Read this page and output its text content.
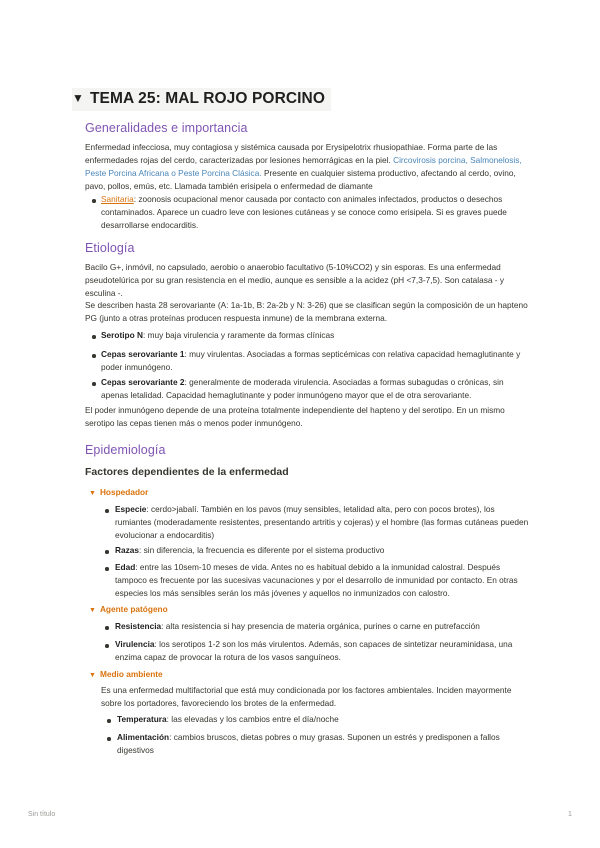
▼ TEMA 25: MAL ROJO PORCINO
Generalidades e importancia

Enfermedad infecciosa, muy contagiosa y sistémica causada por Erysipelotrix rhusiopathiae. Forma parte de las enfermedades rojas del cerdo, caracterizadas por lesiones hemorrágicas en la piel. Circovirosis porcina, Salmonelosis, Peste Porcina Africana o Peste Porcina Clásica. Presente en cualquier sistema productivo, afectando al cerdo, ovino, pavo, pollos, emús, etc. Llamada también erisipela o enfermedad de diamante

Sanitaria: zoonosis ocupacional menor causada por contacto con animales infectados, productos o desechos contaminados. Aparece un cuadro leve con lesiones cutáneas y se conoce como erisipela. Si es graves puede desarrollarse endocarditis.

Etiología

Bacilo G+, inmóvil, no capsulado, aerobio o anaerobio facultativo (5-10%CO2) y sin esporas. Es una enfermedad pseudotelúrica por su gran resistencia en el medio, aunque es sensible a la acidez (pH <7,3-7,5). Son catalasa - y esculina -.

Se describen hasta 28 serovariante (A: 1a-1b, B: 2a-2b y N: 3-26) que se clasifican según la composición de un hapteno PG (junto a otras proteínas producen respuesta inmune) de la membrana externa.

Serotipo N: muy baja virulencia y raramente da formas clínicas

Cepas serovariante 1: muy virulentas. Asociadas a formas septicémicas con relativa capacidad hemaglutinante y poder inmunógeno.

Cepas serovariante 2: generalmente de moderada virulencia. Asociadas a formas subagudas o crónicas, sin apenas letalidad. Capacidad hemaglutinante y poder inmunógeno mayor que el de otra serovariante.

El poder inmunógeno depende de una proteína totalmente independiente del hapteno y del serotipo. En un mismo serotipo las cepas tienen más o menos poder inmunógeno.

Epidemiología
Factores dependientes de la enfermedad

▼ Hospedador

Especie: cerdo>jabalí. También en los pavos (muy sensibles, letalidad alta, pero con pocos brotes), los rumiantes (moderadamente resistentes, presentando artritis y cojeras) y el hombre (las formas cutáneas pueden evolucionar a endocarditis)

Razas: sin diferencia, la frecuencia es diferente por el sistema productivo

Edad: entre las 10sem-10 meses de vida. Antes no es habitual debido a la inmunidad calostral. Después tampoco es frecuente por las sucesivas vacunaciones y por el desarrollo de inmunidad por contacto. En otras especies los más sensibles serán los más jóvenes y aquellos no inmunizados con calostro.

▼ Agente patógeno

Resistencia: alta resistencia si hay presencia de materia orgánica, purines o carne en putrefacción

Virulencia: los serotipos 1-2 son los más virulentos. Además, son capaces de sintetizar neuraminidasa, una enzima capaz de provocar la rotura de los vasos sanguíneos.

▼ Medio ambiente

Es una enfermedad multifactorial que está muy condicionada por los factores ambientales. Inciden mayormente sobre los portadores, favoreciendo los brotes de la enfermedad.

Temperatura: las elevadas y los cambios entre el día/noche

Alimentación: cambios bruscos, dietas pobres o muy grasas. Suponen un estrés y predisponen a fallos digestivos

Sin título	1
